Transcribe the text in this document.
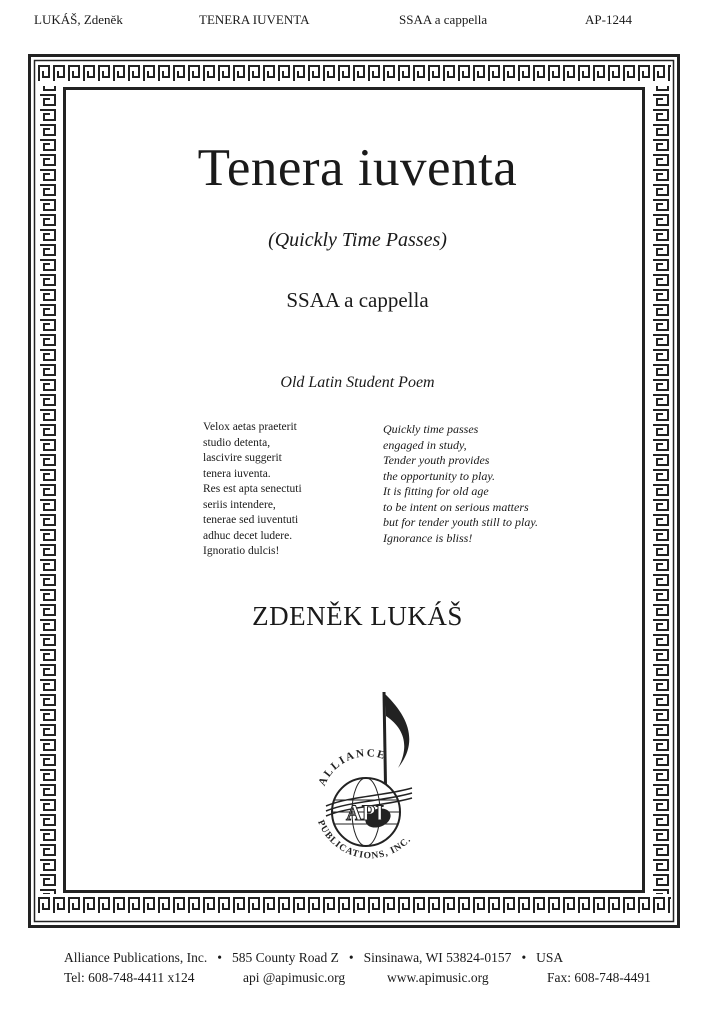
LUKÁŠ, Zdeněk	TENERA IUVENTA	SSAA a cappella	AP-1244
Tenera iuventa
(Quickly Time Passes)
SSAA a cappella
Old Latin Student Poem
Velox aetas praeterit
studio detenta,
lascivire suggerit
tenera iuventa.
Res est apta senectuti
seriis intendere,
tenerae sed iuventuti
adhuc decet ludere.
Ignoratio dulcis!
Quickly time passes
engaged in study,
Tender youth provides
the opportunity to play.
It is fitting for old age
to be intent on serious matters
but for tender youth still to play.
Ignorance is bliss!
ZDENĚK LUKÁŠ
ALLIANCE
API
PUBLICATIONS, INC.
Alliance Publications, Inc. • 585 County Road Z • Sinsinawa, WI 53824-0157 • USA
Tel: 608-748-4411 x124	api @apimusic.org	www.apimusic.org	Fax: 608-748-4491
